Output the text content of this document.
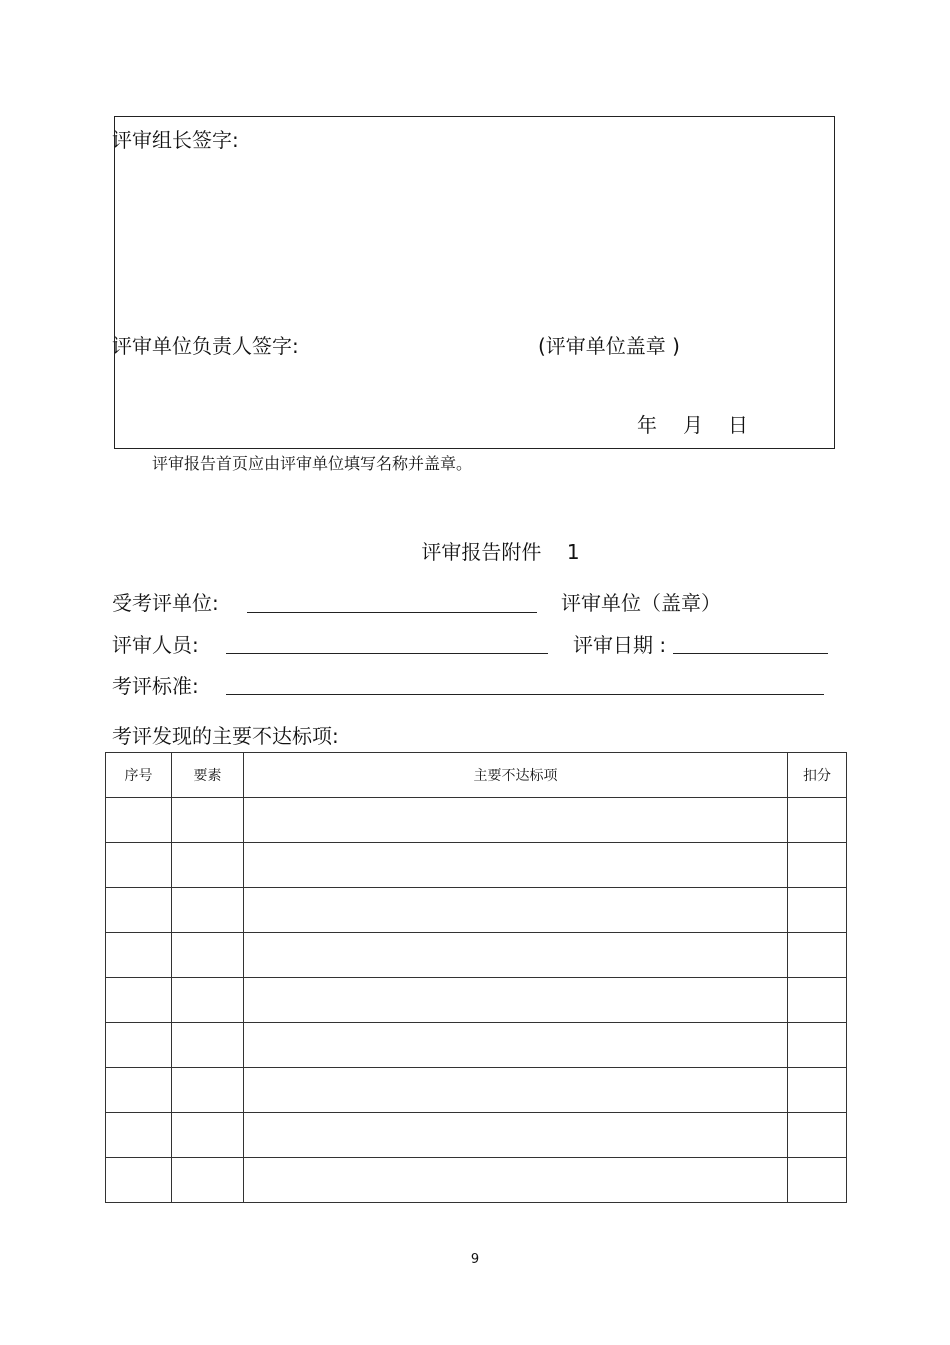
评审组长签字:
评审单位负责人签字:	(评审单位盖章 )
年 月 日
评审报告首页应由评审单位填写名称并盖章。
评审报告附件    1
受考评单位:	评审单位（盖章）
评审人员:	评审日期 :
考评标准:
考评发现的主要不达标项:
序号	要素	主要不达标项	扣分

9
